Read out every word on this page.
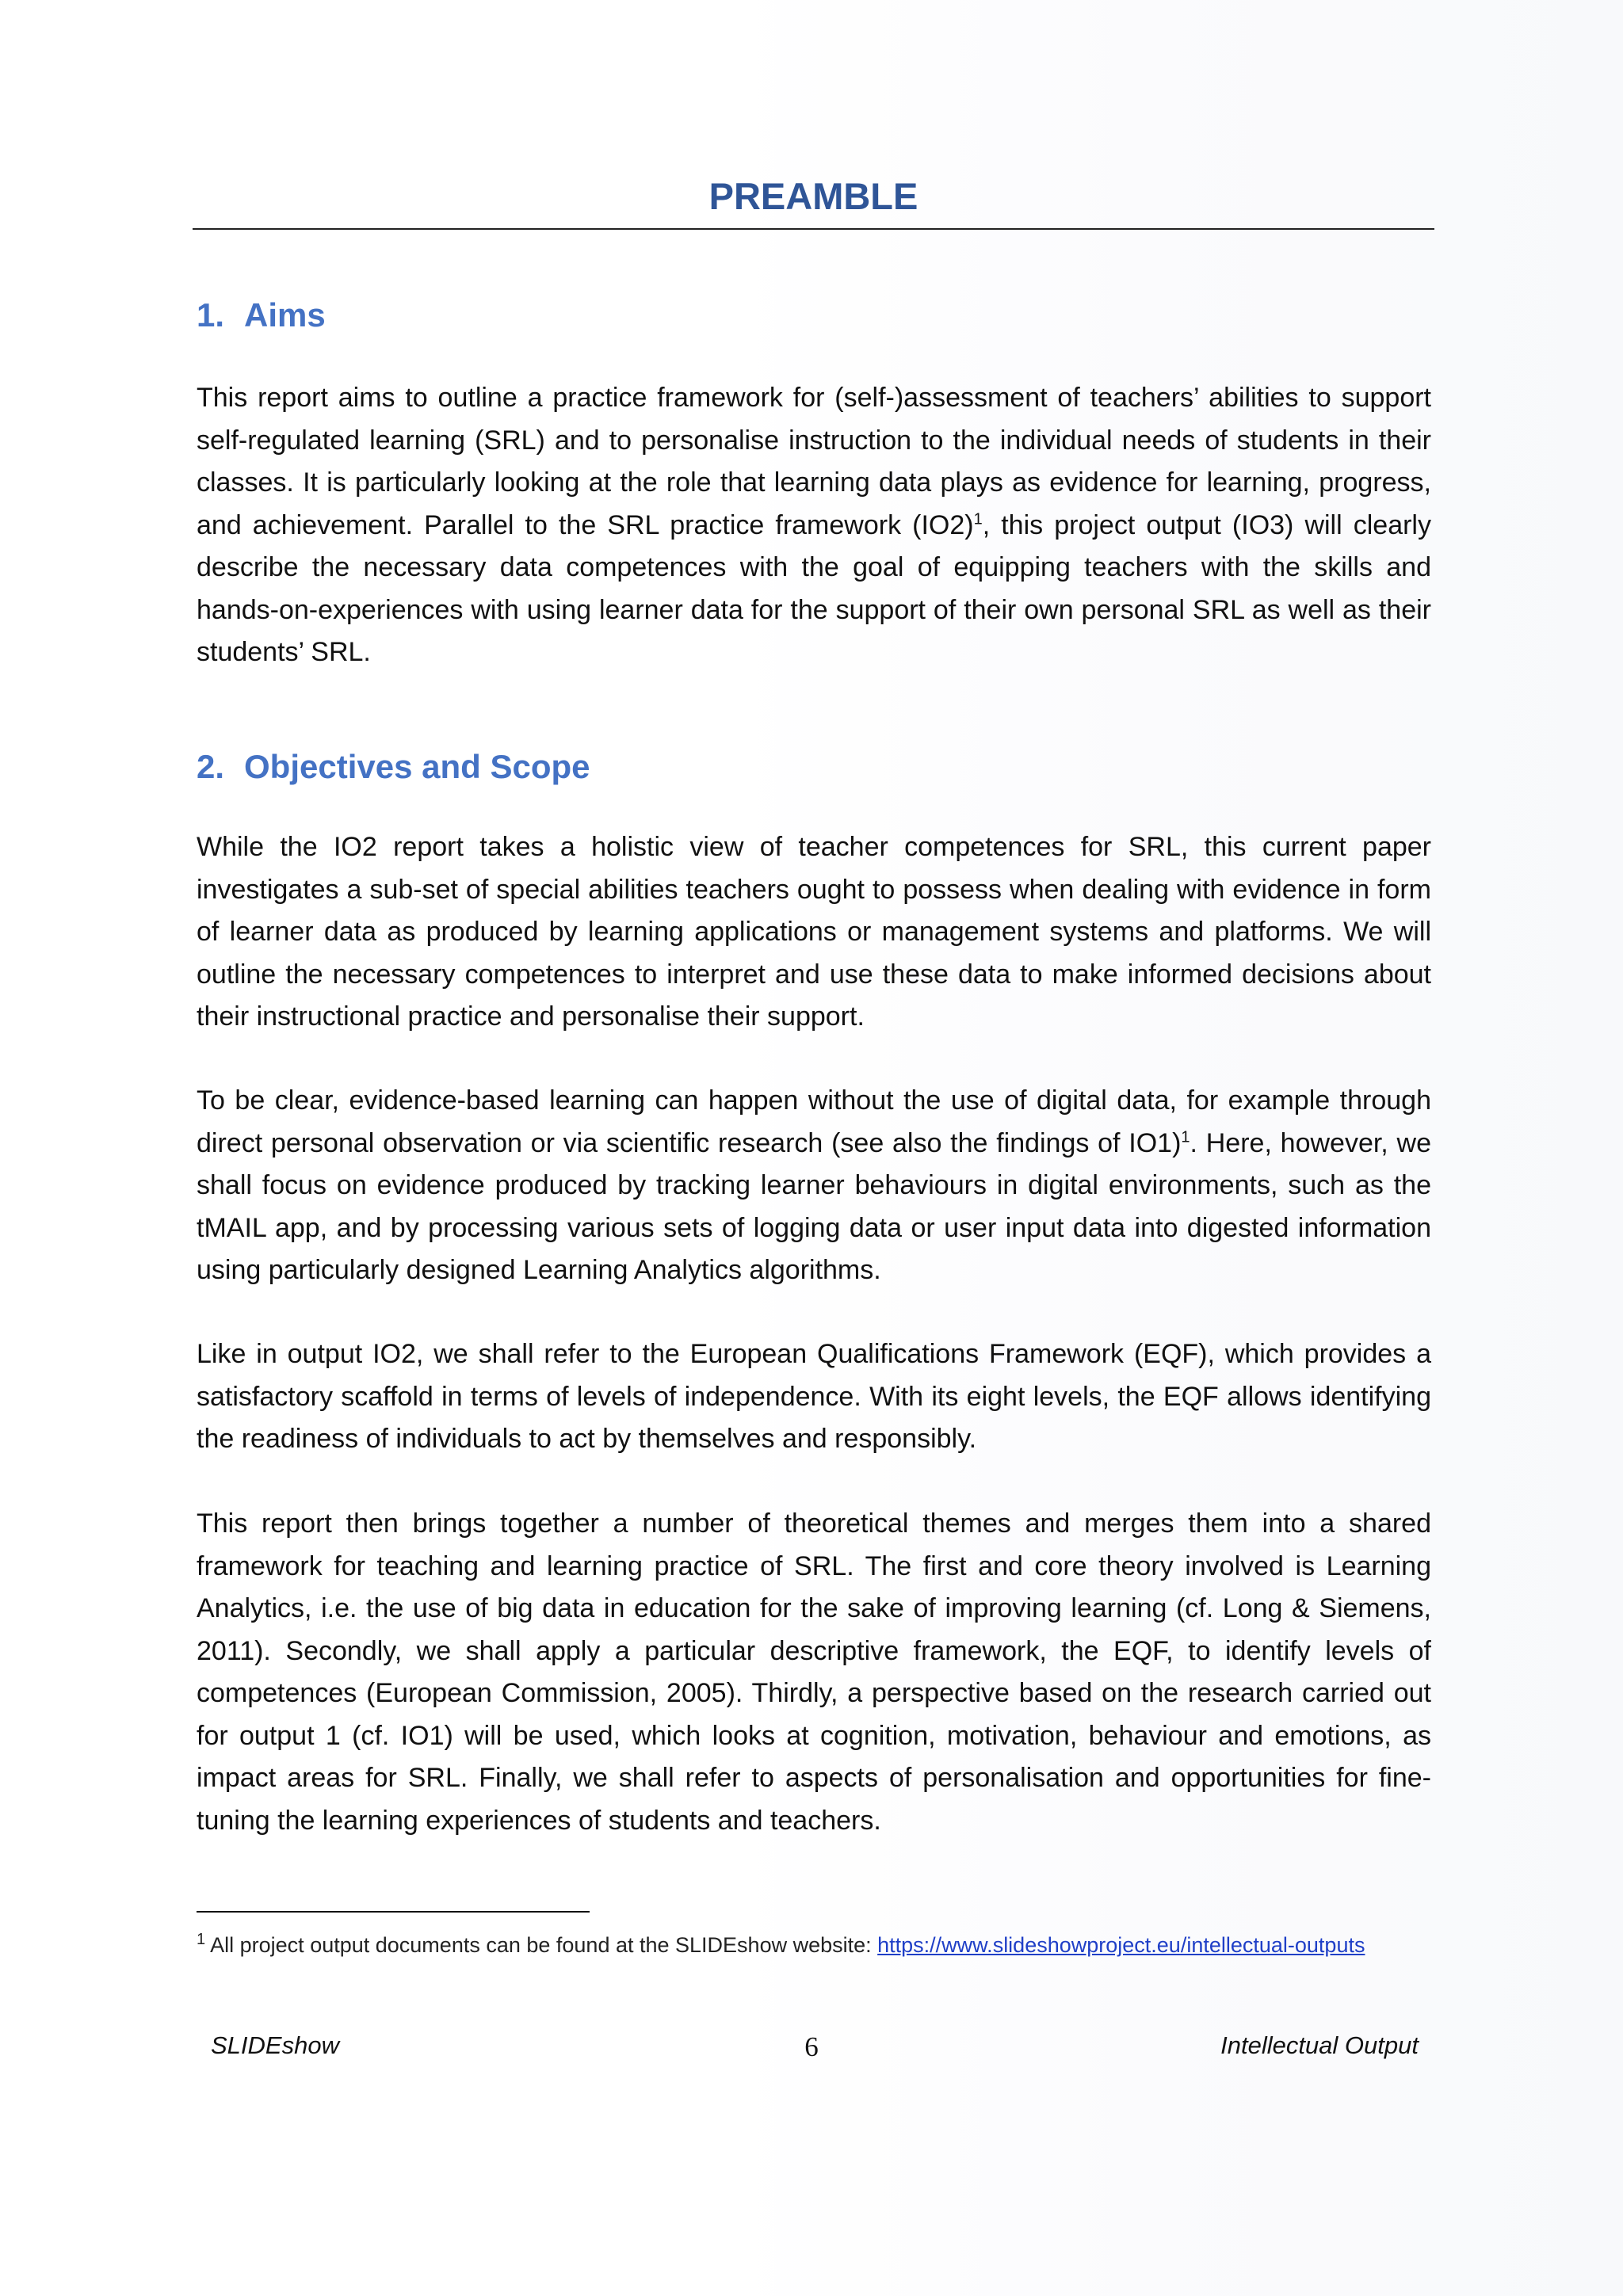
PREAMBLE
1. Aims

This report aims to outline a practice framework for (self-)assessment of teachers’ abilities to support self-regulated learning (SRL) and to personalise instruction to the individual needs of students in their classes. It is particularly looking at the role that learning data plays as evidence for learning, progress, and achievement. Parallel to the SRL practice framework $(IO2)^1$, this project output (IO3) will clearly describe the necessary data competences with the goal of equipping teachers with the skills and hands-on-experiences with using learner data for the support of their own personal SRL as well as their students’ SRL.

2. Objectives and Scope

While the IO2 report takes a holistic view of teacher competences for SRL, this current paper investigates a sub-set of special abilities teachers ought to possess when dealing with evidence in form of learner data as produced by learning applications or management systems and platforms. We will outline the necessary competences to interpret and use these data to make informed decisions about their instructional practice and personalise their support.

To be clear, evidence-based learning can happen without the use of digital data, for example through direct personal observation or via scientific research (see also the findings of IO1)$^1$. Here, however, we shall focus on evidence produced by tracking learner behaviours in digital environments, such as the tMAIL app, and by processing various sets of logging data or user input data into digested information using particularly designed Learning Analytics algorithms.

Like in output IO2, we shall refer to the European Qualifications Framework (EQF), which provides a satisfactory scaffold in terms of levels of independence. With its eight levels, the EQF allows identifying the readiness of individuals to act by themselves and responsibly.

This report then brings together a number of theoretical themes and merges them into a shared framework for teaching and learning practice of SRL. The first and core theory involved is Learning Analytics, i.e. the use of big data in education for the sake of improving learning (cf. Long & Siemens, 2011). Secondly, we shall apply a particular descriptive framework, the EQF, to identify levels of competences (European Commission, 2005). Thirdly, a perspective based on the research carried out for output 1 (cf. IO1) will be used, which looks at cognition, motivation, behaviour and emotions, as impact areas for SRL. Finally, we shall refer to aspects of personalisation and opportunities for fine-tuning the learning experiences of students and teachers.

$^1$ All project output documents can be found at the SLIDEshow website: https://www.slideshowproject.eu/intellectual-outputs
6
SLIDEshow	Intellectual Output
